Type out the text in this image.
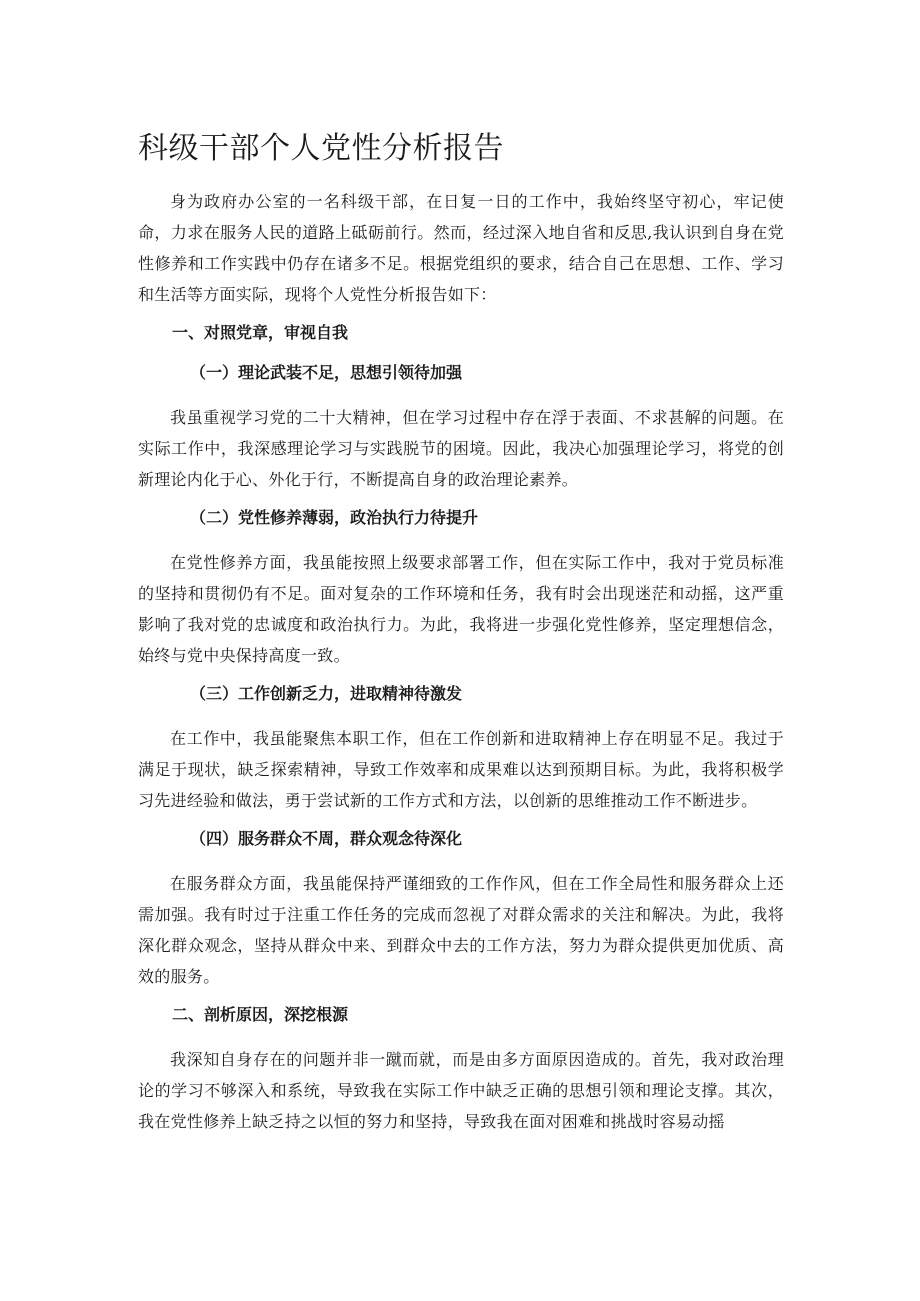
科级干部个人党性分析报告

身为政府办公室的一名科级干部，在日复一日的工作中，我始终坚守初心，牢记使命，力求在服务人民的道路上砥砺前行。然而，经过深入地自省和反思,我认识到自身在党性修养和工作实践中仍存在诸多不足。根据党组织的要求，结合自己在思想、工作、学习和生活等方面实际，现将个人党性分析报告如下：

一、对照党章，审视自我
（一）理论武装不足，思想引领待加强

我虽重视学习党的二十大精神，但在学习过程中存在浮于表面、不求甚解的问题。在实际工作中，我深感理论学习与实践脱节的困境。因此，我决心加强理论学习，将党的创新理论内化于心、外化于行，不断提高自身的政治理论素养。

（二）党性修养薄弱，政治执行力待提升

在党性修养方面，我虽能按照上级要求部署工作，但在实际工作中，我对于党员标准的坚持和贯彻仍有不足。面对复杂的工作环境和任务，我有时会出现迷茫和动摇，这严重影响了我对党的忠诚度和政治执行力。为此，我将进一步强化党性修养，坚定理想信念，始终与党中央保持高度一致。

（三）工作创新乏力，进取精神待激发

在工作中，我虽能聚焦本职工作，但在工作创新和进取精神上存在明显不足。我过于满足于现状，缺乏探索精神，导致工作效率和成果难以达到预期目标。为此，我将积极学习先进经验和做法，勇于尝试新的工作方式和方法，以创新的思维推动工作不断进步。

（四）服务群众不周，群众观念待深化

在服务群众方面，我虽能保持严谨细致的工作作风，但在工作全局性和服务群众上还需加强。我有时过于注重工作任务的完成而忽视了对群众需求的关注和解决。为此，我将深化群众观念，坚持从群众中来、到群众中去的工作方法，努力为群众提供更加优质、高效的服务。

二、剖析原因，深挖根源

我深知自身存在的问题并非一蹴而就，而是由多方面原因造成的。首先，我对政治理论的学习不够深入和系统，导致我在实际工作中缺乏正确的思想引领和理论支撑。其次，我在党性修养上缺乏持之以恒的努力和坚持，导致我在面对困难和挑战时容易动摇
